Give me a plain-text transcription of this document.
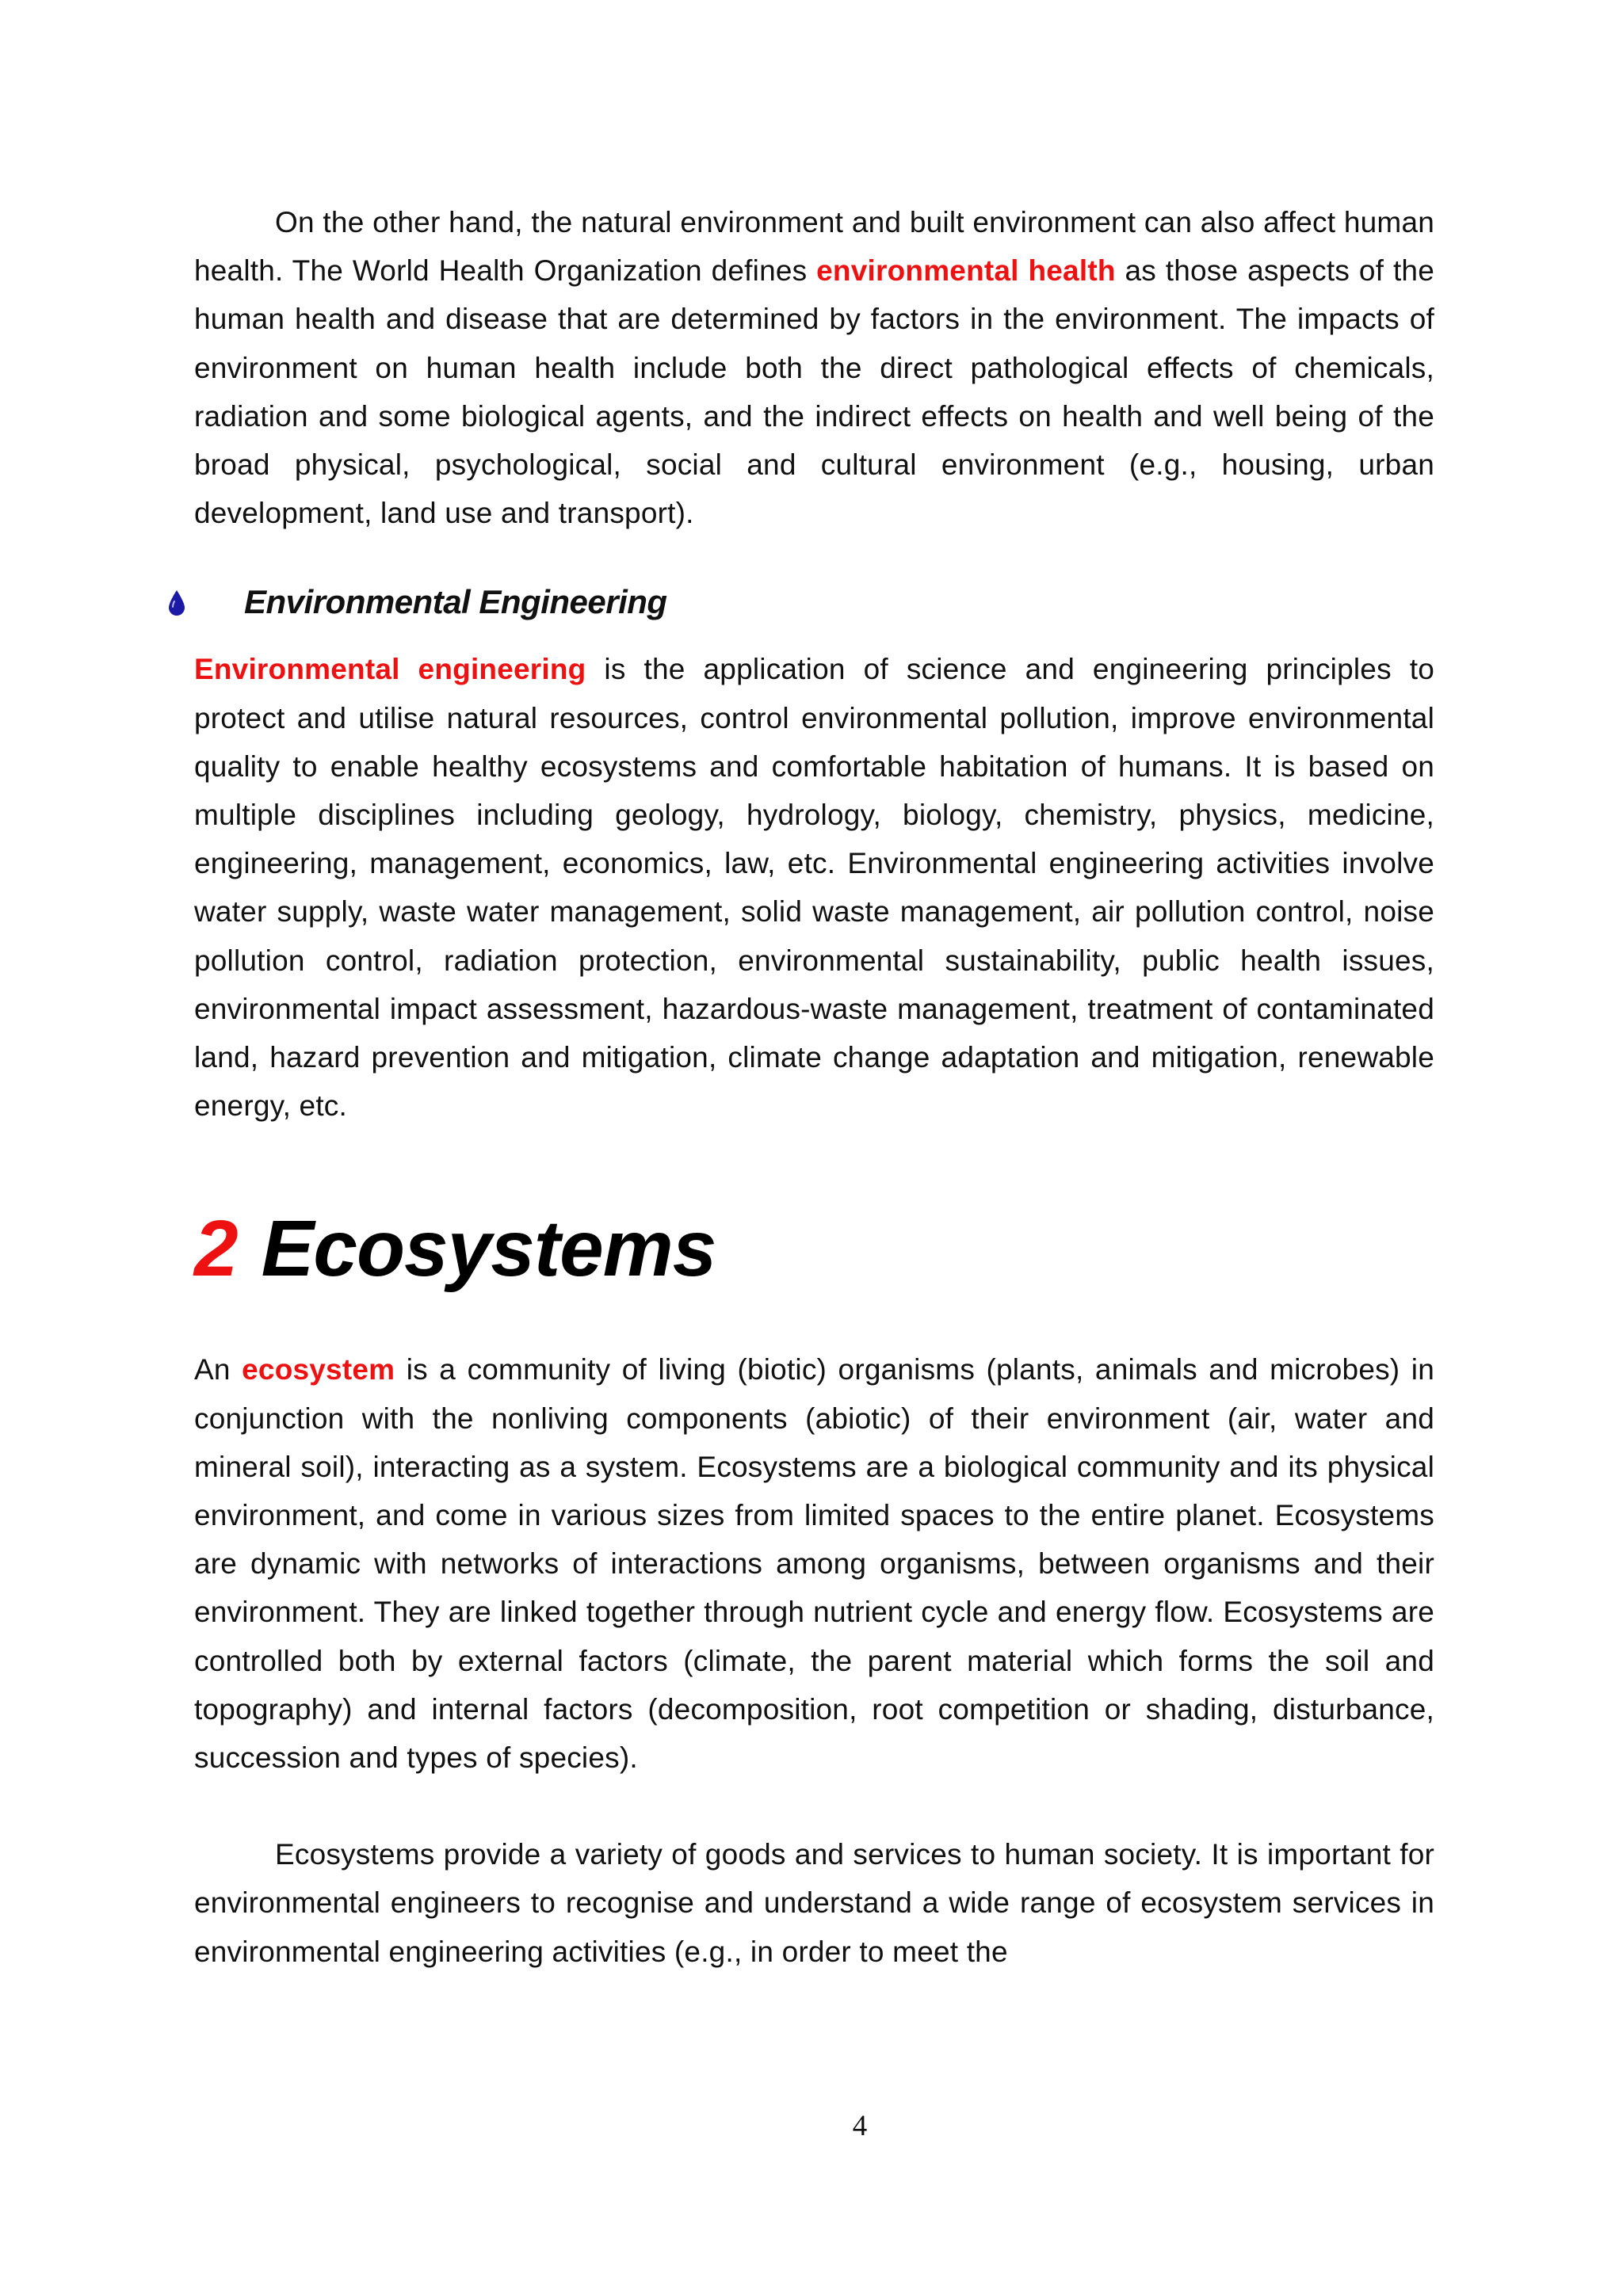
On the other hand, the natural environment and built environment can also affect human health. The World Health Organization defines environmental health as those aspects of the human health and disease that are determined by factors in the environment. The impacts of environment on human health include both the direct pathological effects of chemicals, radiation and some biological agents, and the indirect effects on health and well being of the broad physical, psychological, social and cultural environment (e.g., housing, urban development, land use and transport).

Environmental Engineering

Environmental engineering is the application of science and engineering principles to protect and utilise natural resources, control environmental pollution, improve environmental quality to enable healthy ecosystems and comfortable habitation of humans. It is based on multiple disciplines including geology, hydrology, biology, chemistry, physics, medicine, engineering, management, economics, law, etc. Environmental engineering activities involve water supply, waste water management, solid waste management, air pollution control, noise pollution control, radiation protection, environmental sustainability, public health issues, environmental impact assessment, hazardous-waste management, treatment of contaminated land, hazard prevention and mitigation, climate change adaptation and mitigation, renewable energy, etc.

2 Ecosystems

An ecosystem is a community of living (biotic) organisms (plants, animals and microbes) in conjunction with the nonliving components (abiotic) of their environment (air, water and mineral soil), interacting as a system. Ecosystems are a biological community and its physical environment, and come in various sizes from limited spaces to the entire planet. Ecosystems are dynamic with networks of interactions among organisms, between organisms and their environment. They are linked together through nutrient cycle and energy flow. Ecosystems are controlled both by external factors (climate, the parent material which forms the soil and topography) and internal factors (decomposition, root competition or shading, disturbance, succession and types of species).

Ecosystems provide a variety of goods and services to human society. It is important for environmental engineers to recognise and understand a wide range of ecosystem services in environmental engineering activities (e.g., in order to meet the

4
